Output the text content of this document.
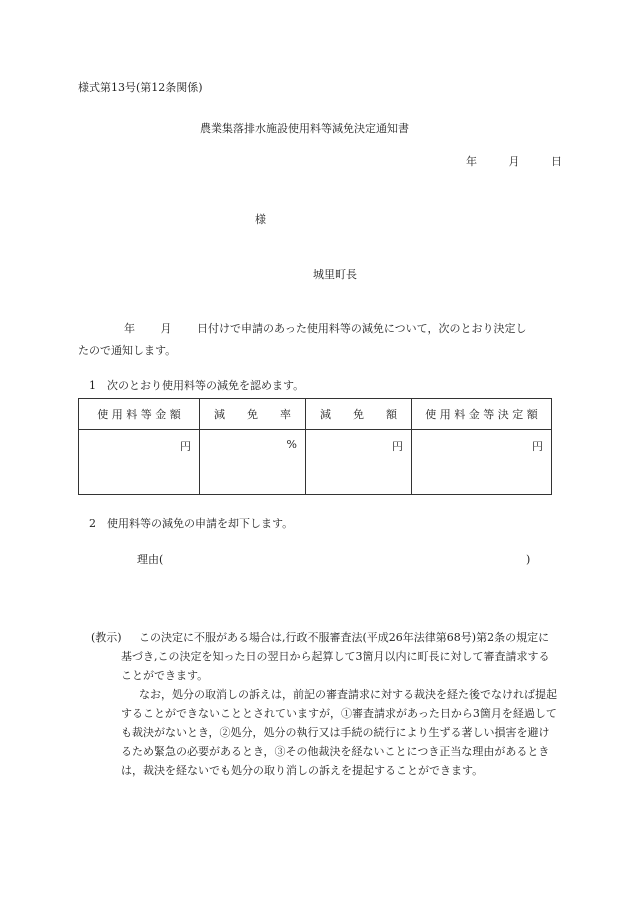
様式第13号(第12条関係)
農業集落排水施設使用料等減免決定通知書
年	月	日
様
城里町長
年 月 日付けで申請のあった使用料等の減免について，次のとおり決定し
たので通知します。
1　次のとおり使用料等の減免を認めます。
使 用 料 等 金 額	減　　免　　率	減　　免　　額	使 用 料 金 等 決 定 額

円	%	円	円
2　使用料等の減免の申請を却下します。
理由(	)
(教示)	この決定に不服がある場合は,行政不服審査法(平成26年法律第68号)第2条の規定に基づき,この決定を知った日の翌日から起算して3箇月以内に町長に対して審査請求することができます。

なお，処分の取消しの訴えは，前記の審査請求に対する裁決を経た後でなければ提起することができないこととされていますが，①審査請求があった日から3箇月を経過しても裁決がないとき，②処分，処分の執行又は手続の続行により生ずる著しい損害を避けるため緊急の必要があるとき，③その他裁決を経ないことにつき正当な理由があるときは，裁決を経ないでも処分の取り消しの訴えを提起することができます。
